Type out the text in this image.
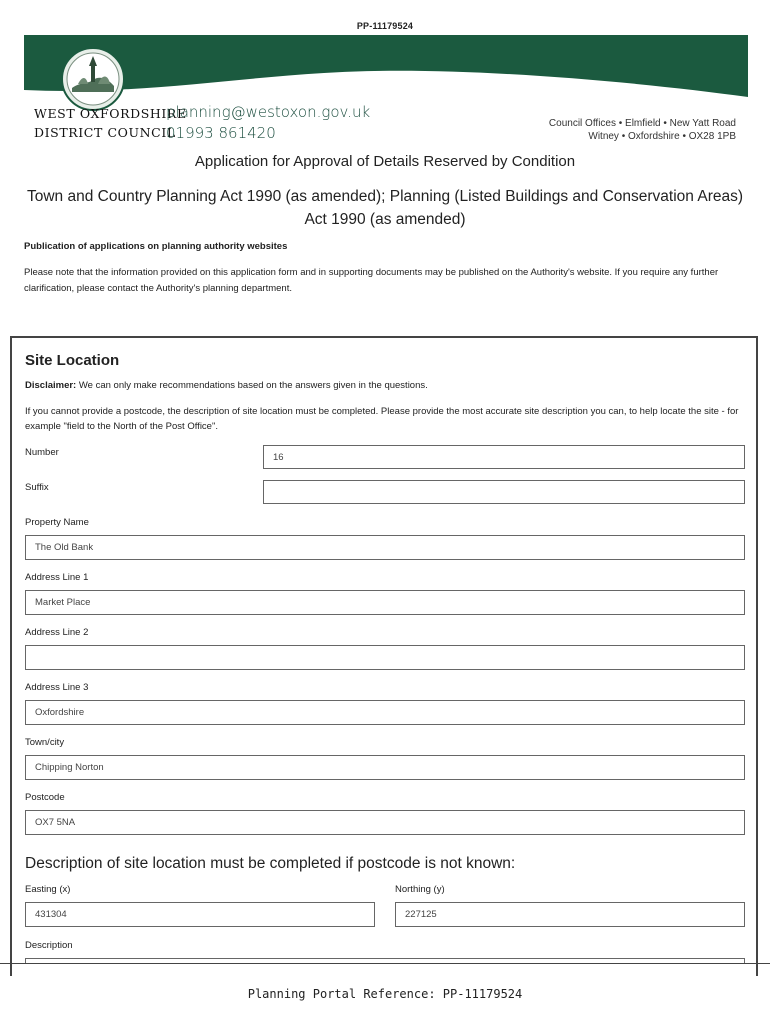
PP-11179524
WEST OXFORDSHIRE
DISTRICT COUNCIL
planning@westoxon.gov.uk
01993 861420
Council Offices • Elmfield • New Yatt Road
Witney • Oxfordshire • OX28 1PB
Application for Approval of Details Reserved by Condition
Town and Country Planning Act 1990 (as amended); Planning (Listed Buildings and Conservation Areas) Act 1990 (as amended)
Publication of applications on planning authority websites
Please note that the information provided on this application form and in supporting documents may be published on the Authority's website. If you require any further clarification, please contact the Authority's planning department.
Site Location
Disclaimer: We can only make recommendations based on the answers given in the questions.
If you cannot provide a postcode, the description of site location must be completed. Please provide the most accurate site description you can, to help locate the site - for example "field to the North of the Post Office".
Number	16
Suffix
Property Name
The Old Bank
Address Line 1
Market Place
Address Line 2
Address Line 3
Oxfordshire
Town/city
Chipping Norton
Postcode
OX7 5NA
Description of site location must be completed if postcode is not known:
Easting (x)
431304
Northing (y)
227125
Description
Planning Portal Reference: PP-11179524
